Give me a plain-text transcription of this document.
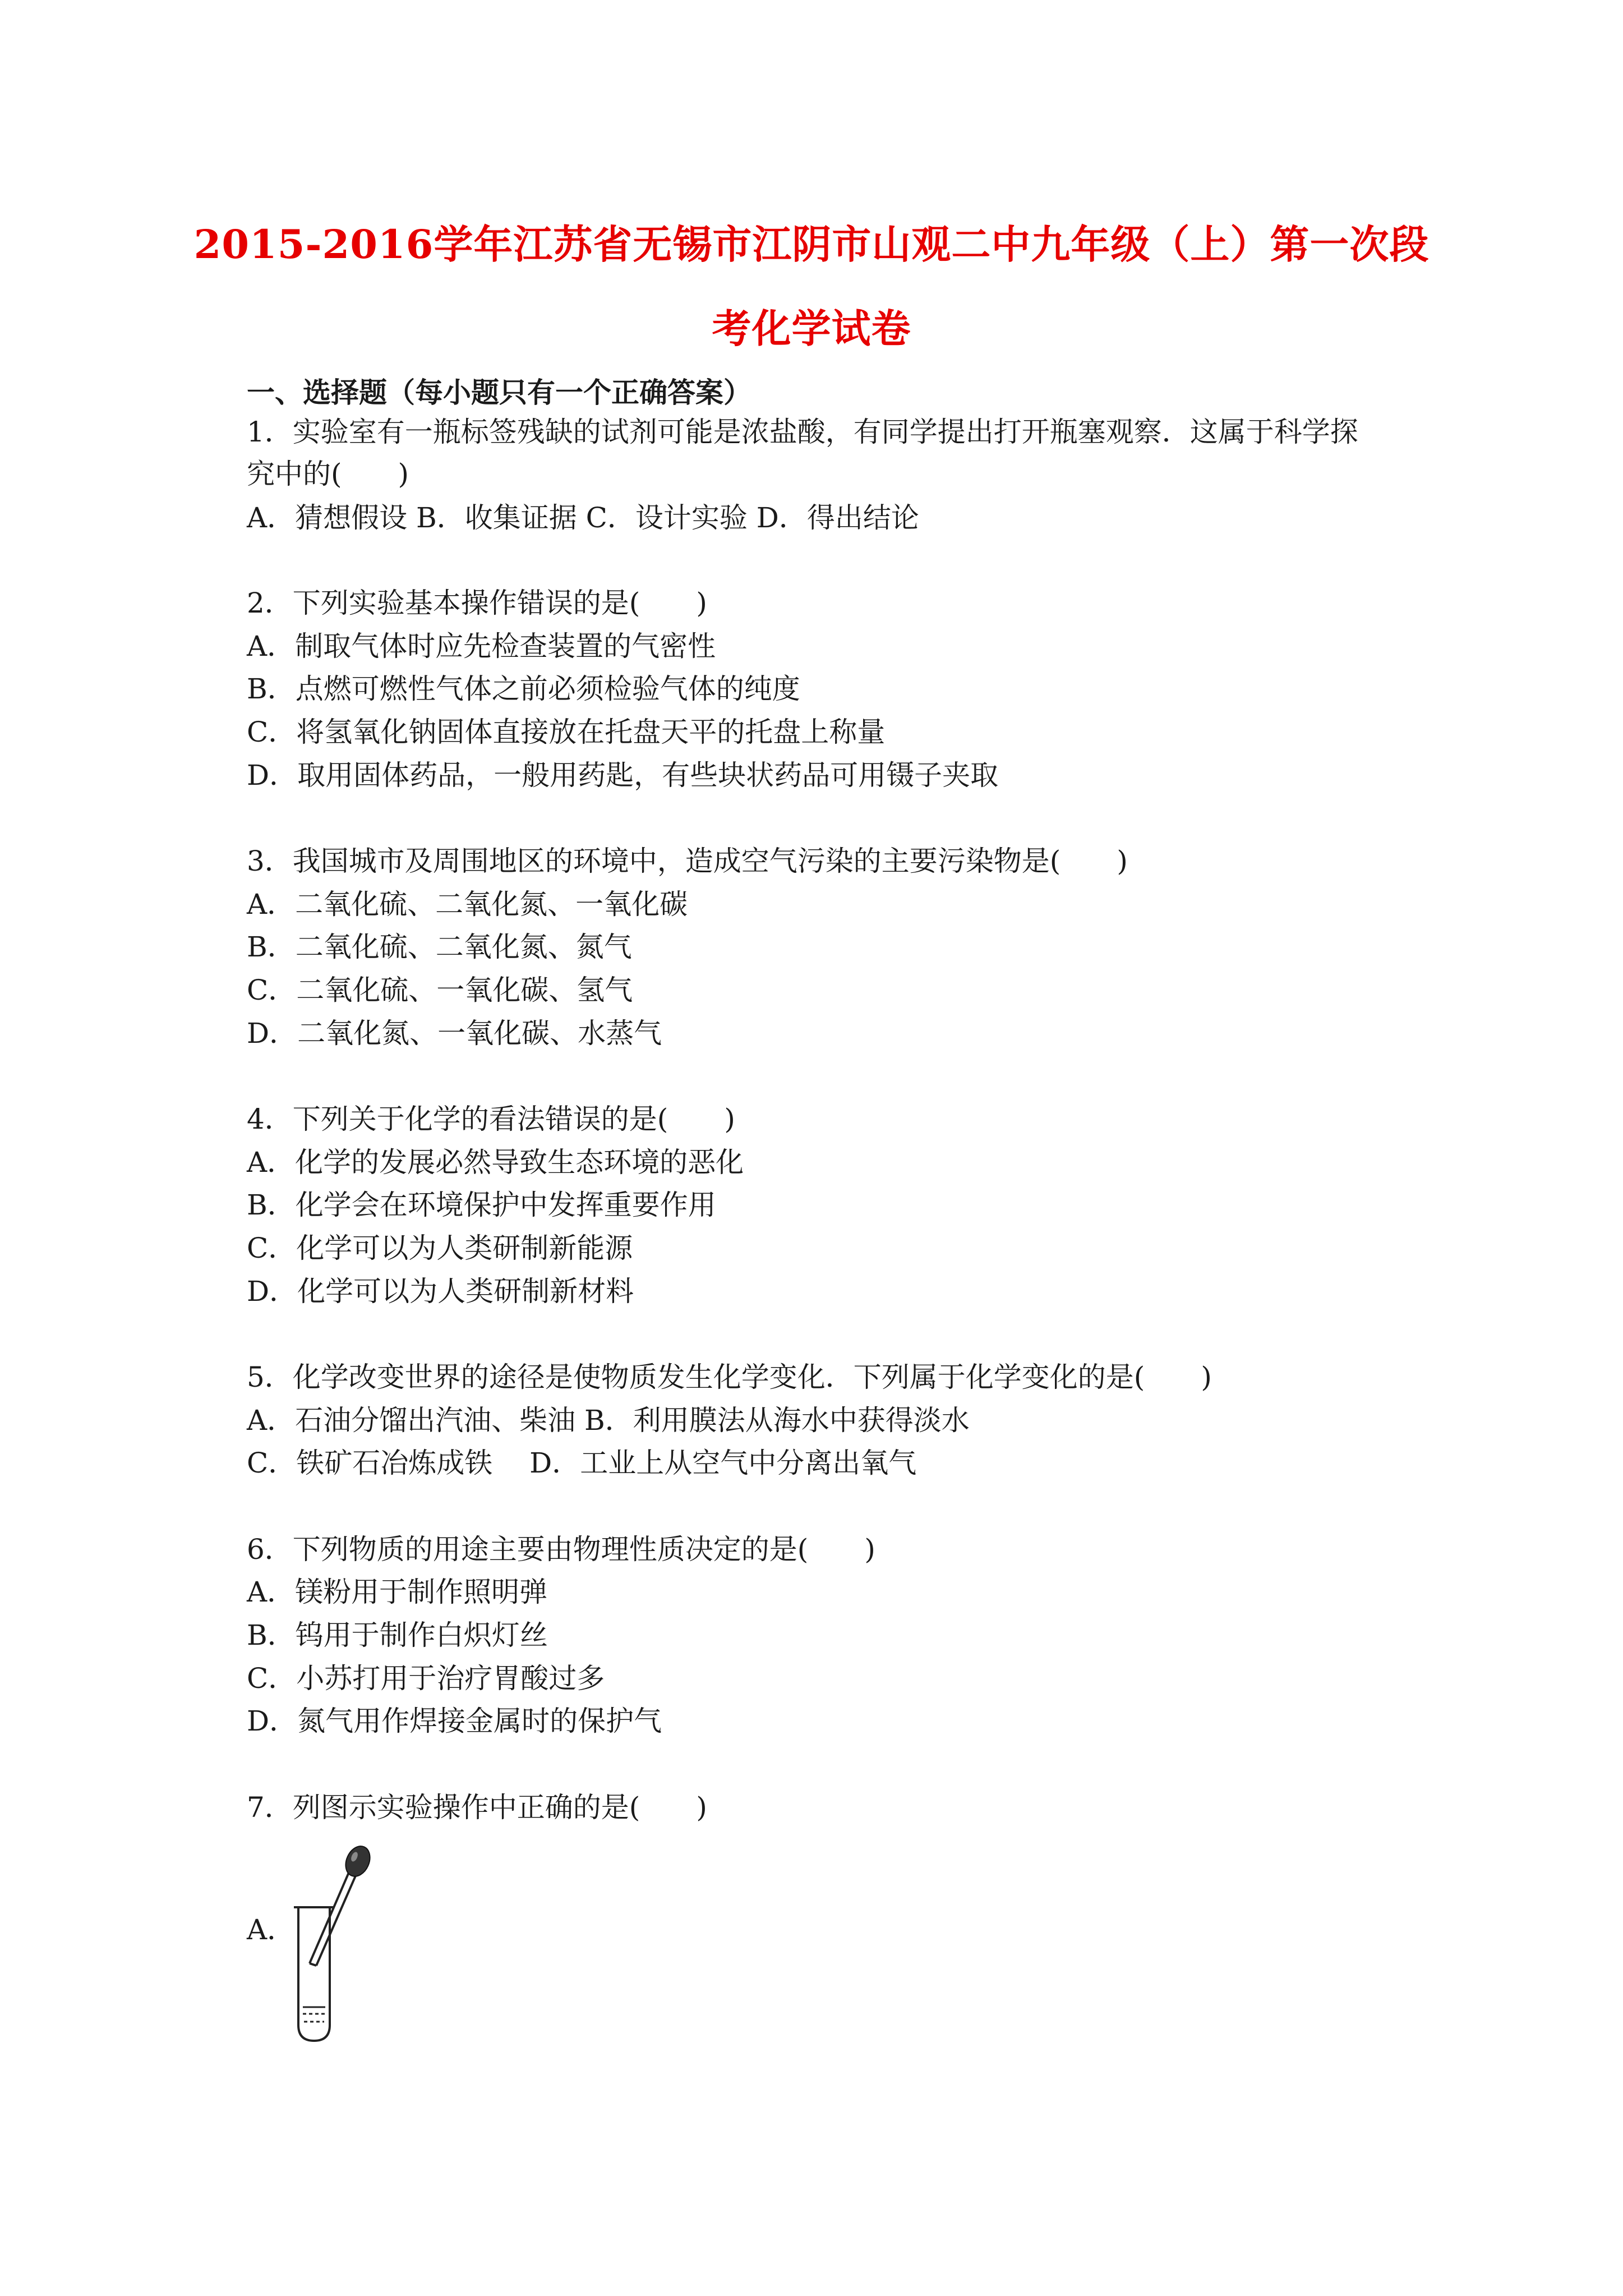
2015-2016学年江苏省无锡市江阴市山观二中九年级（上）第一次段
考化学试卷
一、选择题（每小题只有一个正确答案）
1．实验室有一瓶标签残缺的试剂可能是浓盐酸，有同学提出打开瓶塞观察．这属于科学探
究中的(　　)
A．猜想假设 B．收集证据 C．设计实验 D．得出结论
2．下列实验基本操作错误的是(　　)
A．制取气体时应先检查装置的气密性
B．点燃可燃性气体之前必须检验气体的纯度
C．将氢氧化钠固体直接放在托盘天平的托盘上称量
D．取用固体药品，一般用药匙，有些块状药品可用镊子夹取
3．我国城市及周围地区的环境中，造成空气污染的主要污染物是(　　)
A．二氧化硫、二氧化氮、一氧化碳
B．二氧化硫、二氧化氮、氮气
C．二氧化硫、一氧化碳、氢气
D．二氧化氮、一氧化碳、水蒸气
4．下列关于化学的看法错误的是(　　)
A．化学的发展必然导致生态环境的恶化
B．化学会在环境保护中发挥重要作用
C．化学可以为人类研制新能源
D．化学可以为人类研制新材料
5．化学改变世界的途径是使物质发生化学变化．下列属于化学变化的是(　　)
A．石油分馏出汽油、柴油 B．利用膜法从海水中获得淡水
C．铁矿石冶炼成铁　 D．工业上从空气中分离出氧气
6．下列物质的用途主要由物理性质决定的是(　　)
A．镁粉用于制作照明弹
B．钨用于制作白炽灯丝
C．小苏打用于治疗胃酸过多
D．氮气用作焊接金属时的保护气
7．列图示实验操作中正确的是(　　)
A．
